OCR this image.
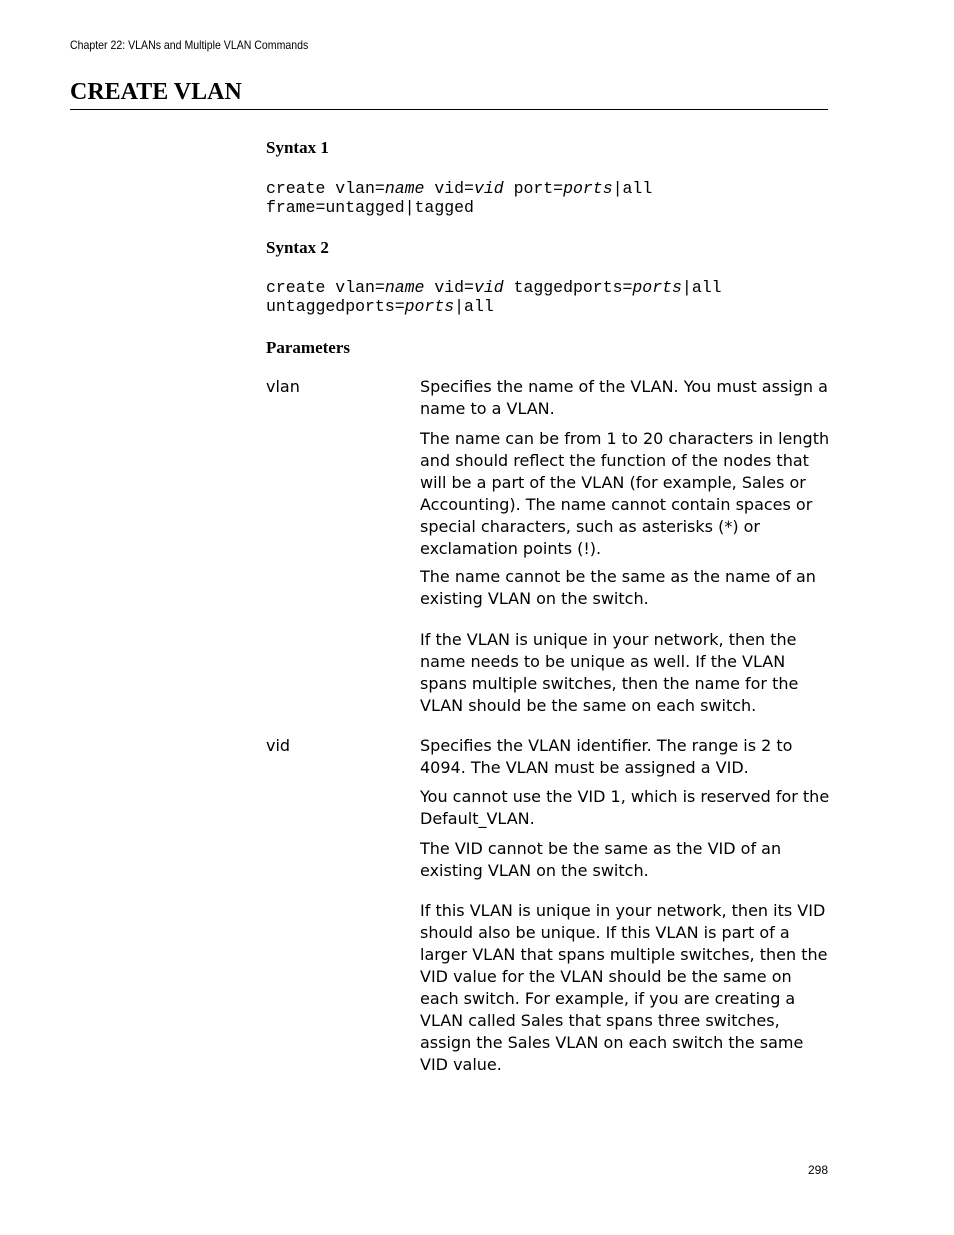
Chapter 22: VLANs and Multiple VLAN Commands
CREATE VLAN
Syntax 1
create vlan=name vid=vid port=ports|all
frame=untagged|tagged
Syntax 2
create vlan=name vid=vid taggedports=ports|all
untaggedports=ports|all
Parameters
vlan	Specifies the name of the VLAN. You must assign a name to a VLAN.

The name can be from 1 to 20 characters in length and should reflect the function of the nodes that will be a part of the VLAN (for example, Sales or Accounting). The name cannot contain spaces or special characters, such as asterisks (*) or exclamation points (!).

The name cannot be the same as the name of an existing VLAN on the switch.

If the VLAN is unique in your network, then the name needs to be unique as well. If the VLAN spans multiple switches, then the name for the VLAN should be the same on each switch.

vid	Specifies the VLAN identifier. The range is 2 to 4094. The VLAN must be assigned a VID.

You cannot use the VID 1, which is reserved for the Default_VLAN.

The VID cannot be the same as the VID of an existing VLAN on the switch.

If this VLAN is unique in your network, then its VID should also be unique. If this VLAN is part of a larger VLAN that spans multiple switches, then the VID value for the VLAN should be the same on each switch. For example, if you are creating a VLAN called Sales that spans three switches, assign the Sales VLAN on each switch the same VID value.

298
